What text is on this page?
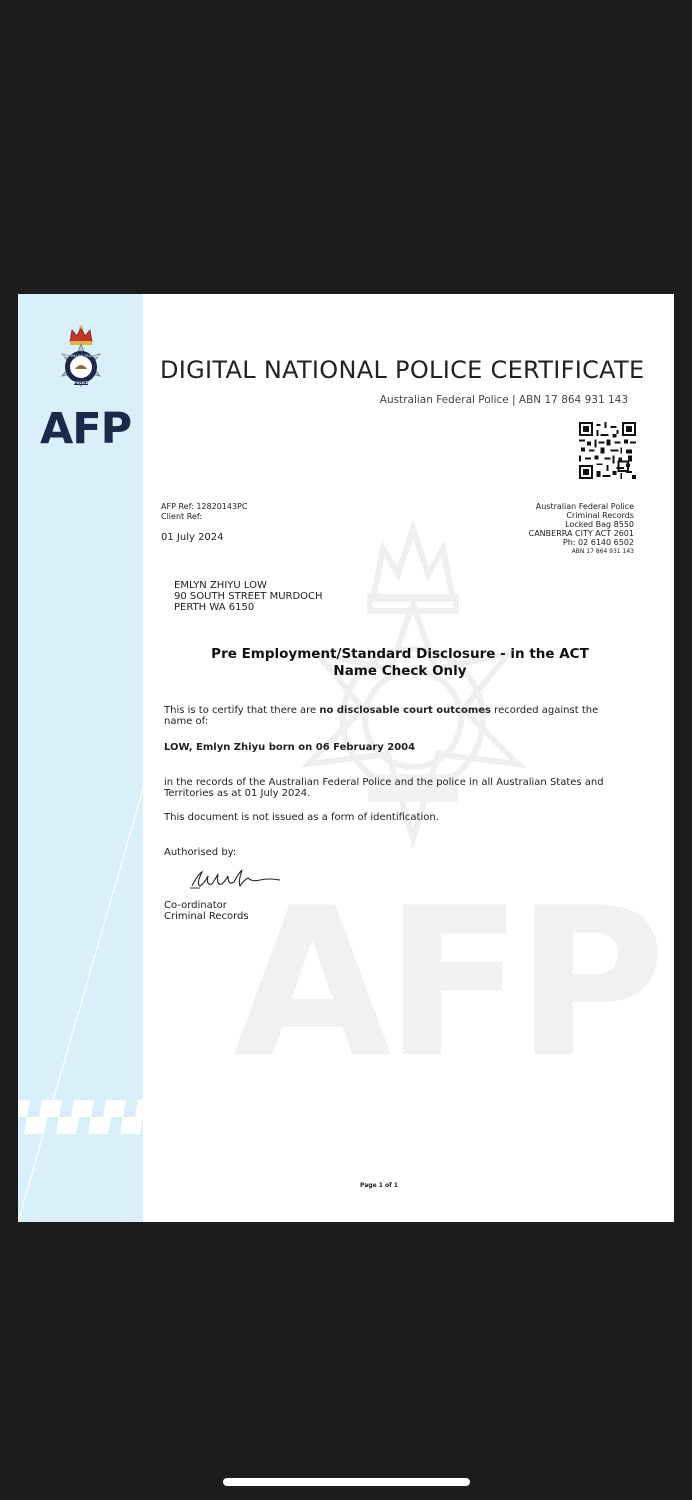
AUSTRALIAN FEDERAL
POLICE
AFP
AFP
DIGITAL NATIONAL POLICE CERTIFICATE
Australian Federal Police | ABN 17 864 931 143
AFP Ref: 12820143PC
Client Ref:
01 July 2024
Australian Federal Police
Criminal Records
Locked Bag 8550
CANBERRA CITY ACT 2601
Ph: 02 6140 6502
ABN 17 864 931 143
EMLYN ZHIYU LOW
90 SOUTH STREET MURDOCH
PERTH WA 6150
Pre Employment/Standard Disclosure - in the ACT
Name Check Only
This is to certify that there are no disclosable court outcomes recorded against the name of:
LOW, Emlyn Zhiyu born on 06 February 2004
in the records of the Australian Federal Police and the police in all Australian States and Territories as at 01 July 2024.
This document is not issued as a form of identification.
Authorised by:
Co-ordinator
Criminal Records
Page 1 of 1
